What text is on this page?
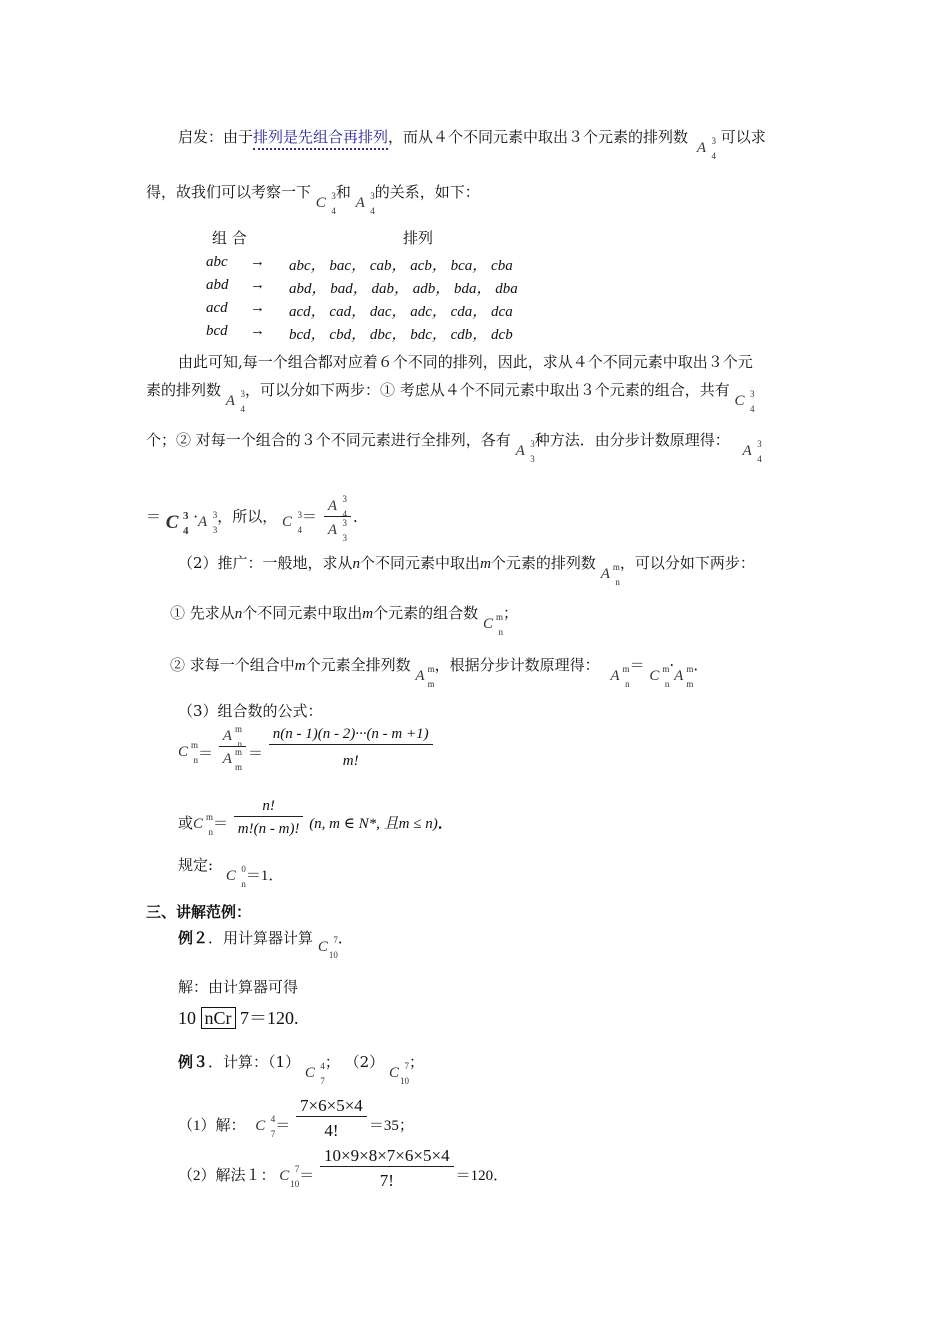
启发：由于排列是先组合再排列，而从４个不同元素中取出３个元素的排列数 A 3
4
可以求
得，故我们可以考察一下 C 3
4
和 A 3
4
的关系，如下：
组 合	排列
abc → abc， bac， cab， acb， bca， cba
abd → abd， bad， dab， adb， bda， dba
acd → acd， cad， dac， adc， cda， dca
bcd → bcd， cbd， dbc， bdc， cdb， dcb
由此可知,每一个组合都对应着６个不同的排列，因此，求从４个不同元素中取出３个元
素的排列数 A 3
4
，可以分如下两步：① 考虑从４个不同元素中取出３个元素的组合，共有 C 3
4
个；② 对每一个组合的３个不同元素进行全排列，各有 A 3
3
种方法．由分步计数原理得： A 3
4
＝ C 3
4
·A 3
3
，所以， C 3
4
＝ A 3
4
A 3
3 ．
（2）推广：一般地，求从n个不同元素中取出m个元素的排列数 A m
n
，可以分如下两步：
① 先求从n个不同元素中取出m个元素的组合数 C m
n
；
② 求每一个组合中m个元素全排列数 A m
m
，根据分步计数原理得： A m
n
＝ C m
n
·A m
m
．
（3）组合数的公式：
C m
n ＝ A m
n
A m
$m = \frac{n(n - 1)(n - 2)\cdot\cdot\cdot(n - m +1)}{m!}$
或C m
$n = \frac{n!}{m!(n - m)!} (n$, m ∈ N*, 且m ≤ n)．
规定: C 0
n ＝1．
三、讲解范例：
例２．用计算器计算 C 7
10
．
解：由计算器可得
10 nCr 7＝120.
例３．计算：（1） C 4
7
； （2） C 7
10
；
（1）解： C 4
$7 = \frac{7\times 6\times 5\times 4}{4!} =35$；
（2）解法１： C 7
$10 = \frac{10\times 9\times 8\times 7\times 6\times 5\times 4}{7!} =120$．
